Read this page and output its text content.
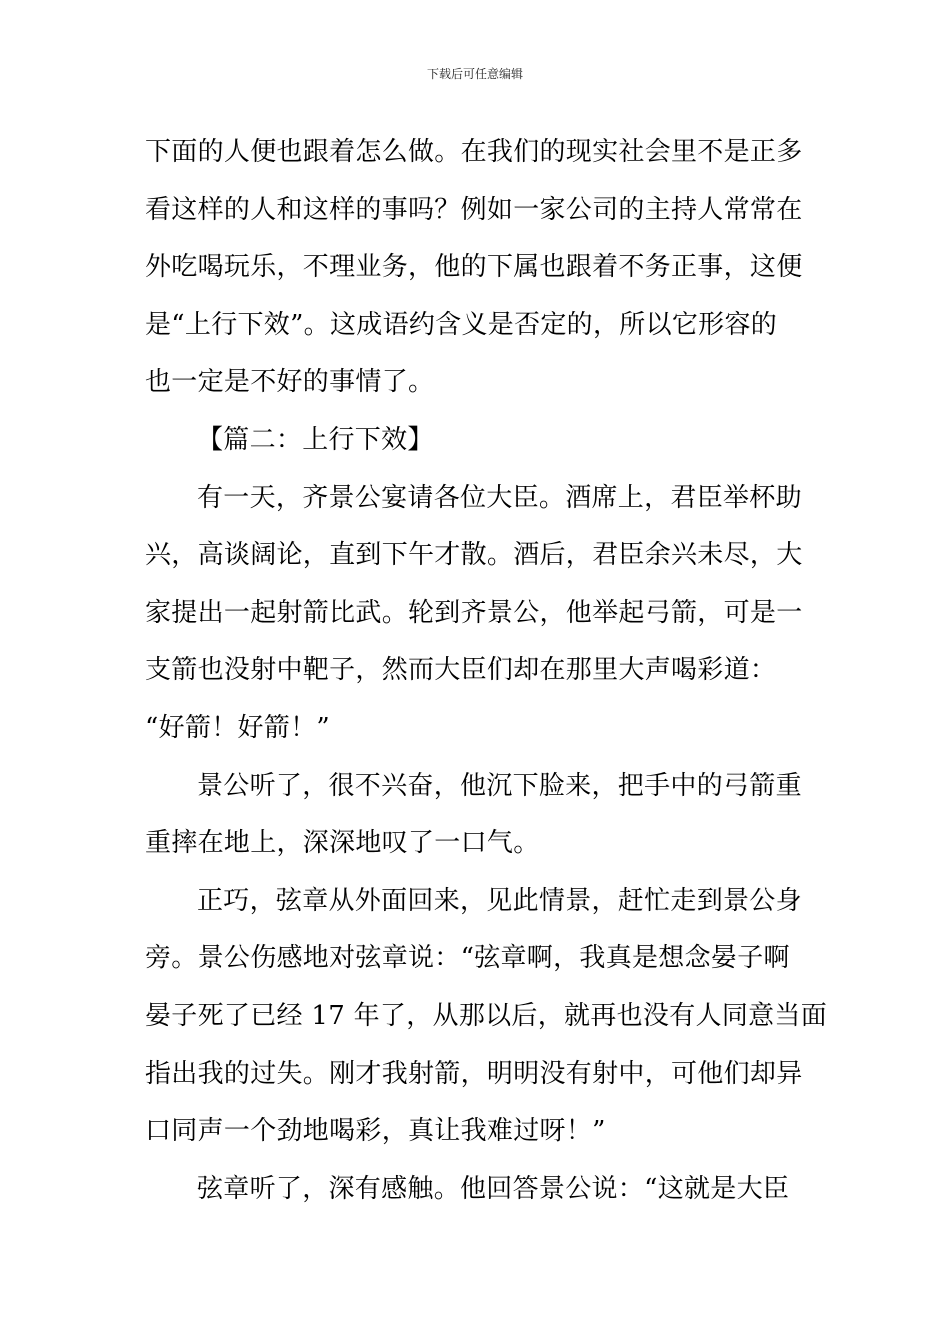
下载后可任意编辑
下面的人便也跟着怎么做。在我们的现实社会里不是正多
看这样的人和这样的事吗？例如一家公司的主持人常常在
外吃喝玩乐，不理业务，他的下属也跟着不务正事，这便
是“上行下效”。这成语约含义是否定的，所以它形容的
也一定是不好的事情了。
【篇二：上行下效】
有一天，齐景公宴请各位大臣。酒席上，君臣举杯助
兴，高谈阔论，直到下午才散。酒后，君臣余兴未尽，大
家提出一起射箭比武。轮到齐景公，他举起弓箭，可是一
支箭也没射中靶子，然而大臣们却在那里大声喝彩道：
“好箭！好箭！”
景公听了，很不兴奋，他沉下脸来，把手中的弓箭重
重摔在地上，深深地叹了一口气。
正巧，弦章从外面回来，见此情景，赶忙走到景公身
旁。景公伤感地对弦章说：“弦章啊，我真是想念晏子啊
晏子死了已经 17 年了，从那以后，就再也没有人同意当面
指出我的过失。刚才我射箭，明明没有射中，可他们却异
口同声一个劲地喝彩，真让我难过呀！”
弦章听了，深有感触。他回答景公说：“这就是大臣
